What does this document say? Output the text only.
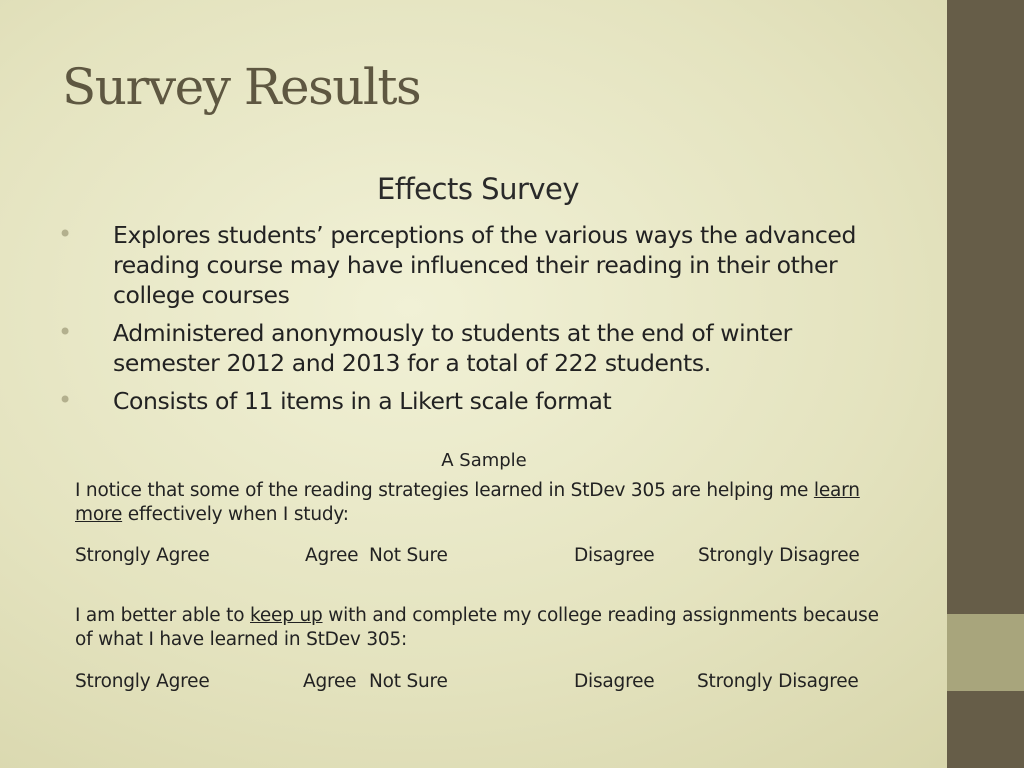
Survey Results
Effects Survey
• Explores students’ perceptions of the various ways the advanced reading course may have influenced their reading in their other college courses
• Administered anonymously to students at the end of winter semester 2012 and 2013 for a total of 222 students.
• Consists of 11 items in a Likert scale format
A Sample
I notice that some of the reading strategies learned in StDev 305 are helping me learn more effectively when I study:
Strongly Agree	Agree Not Sure	Disagree Strongly Disagree
I am better able to keep up with and complete my college reading assignments because of what I have learned in StDev 305:
Strongly Agree	Agree Not Sure	Disagree Strongly Disagree
